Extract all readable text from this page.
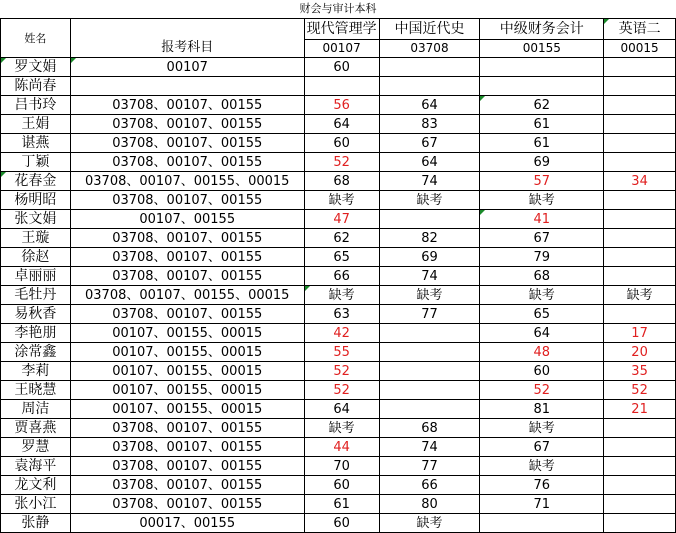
财会与审计本科					
姓名	报考科目	现代管理学	中国近代史	中级财务会计	英语二
		00107	03708	00155	00015
罗文娟	00107	60			
陈尚春					
吕书玲	03708、00107、00155	56	64	62	
王娟	03708、00107、00155	64	83	61	
谌燕	03708、00107、00155	60	67	61	
丁颖	03708、00107、00155	52	64	69	
花春金	03708、00107、00155、00015	68	74	57	34
杨明昭	03708、00107、00155	缺考	缺考	缺考	
张文娟	00107、00155	47		41	
王璇	03708、00107、00155	62	82	67	
徐赵	03708、00107、00155	65	69	79	
卓丽丽	03708、00107、00155	66	74	68	
毛牡丹	03708、00107、00155、00015	缺考	缺考	缺考	缺考
易秋香	03708、00107、00155	63	77	65	
李艳朋	00107、00155、00015	42		64	17
涂常鑫	00107、00155、00015	55		48	20
李莉	00107、00155、00015	52		60	35
王晓慧	00107、00155、00015	52		52	52
周洁	00107、00155、00015	64		81	21
贾喜燕	03708、00107、00155	缺考	68	缺考	
罗慧	03708、00107、00155	44	74	67	
袁海平	03708、00107、00155	70	77	缺考	
龙文利	03708、00107、00155	60	66	76	
张小江	03708、00107、00155	61	80	71	
张静	00017、00155	60	缺考		
